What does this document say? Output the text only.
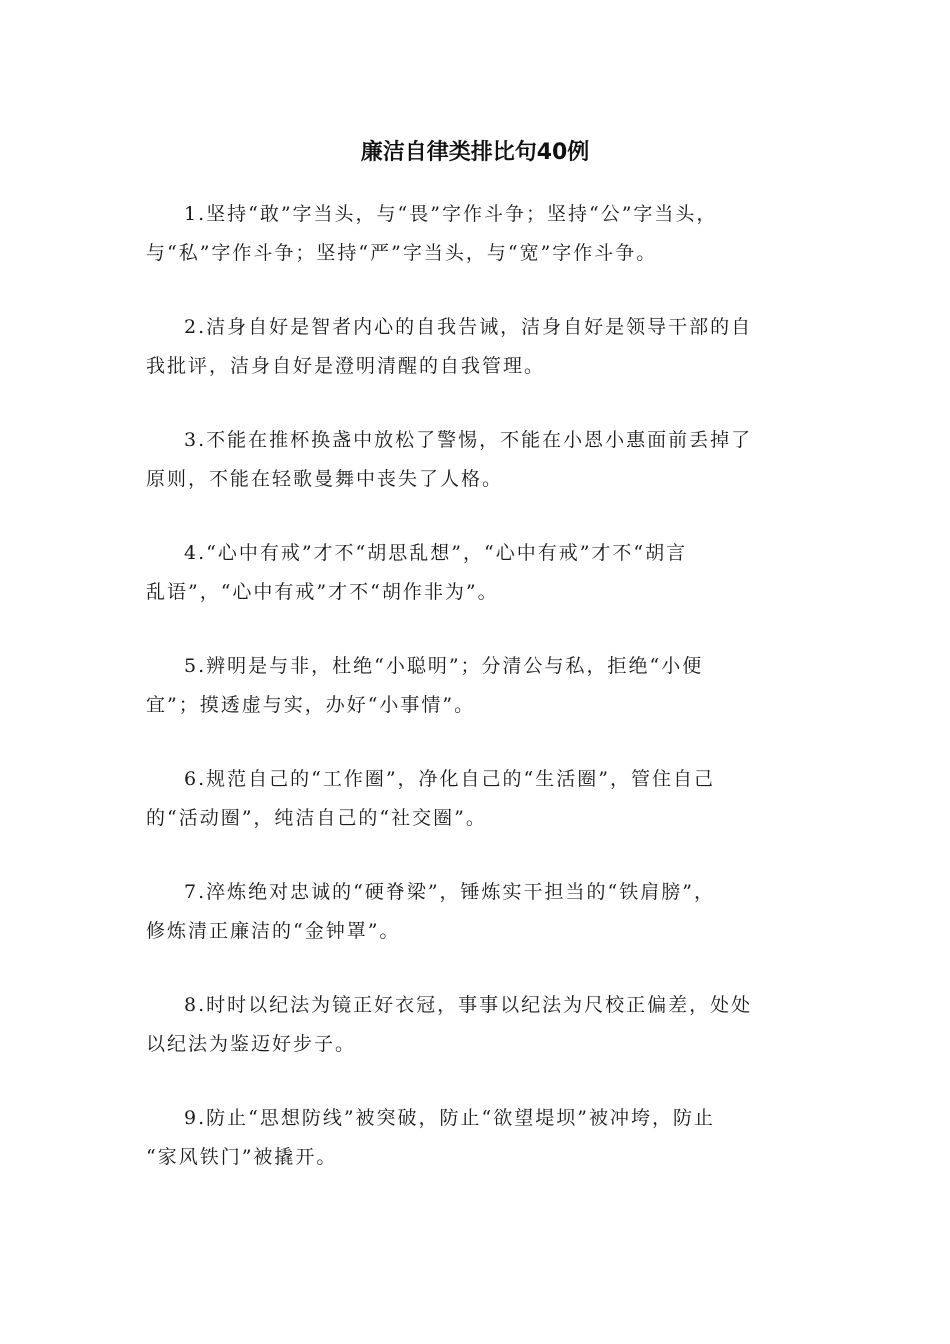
廉洁自律类排比句40例

1.坚持“敢”字当头，与“畏”字作斗争；坚持“公”字当头，
与“私”字作斗争；坚持“严”字当头，与“宽”字作斗争。

2.洁身自好是智者内心的自我告诫，洁身自好是领导干部的自
我批评，洁身自好是澄明清醒的自我管理。

3.不能在推杯换盏中放松了警惕，不能在小恩小惠面前丢掉了
原则，不能在轻歌曼舞中丧失了人格。

4.“心中有戒”才不“胡思乱想”，“心中有戒”才不“胡言
乱语”，“心中有戒”才不“胡作非为”。

5.辨明是与非，杜绝“小聪明”；分清公与私，拒绝“小便
宜”；摸透虚与实，办好“小事情”。

6.规范自己的“工作圈”，净化自己的“生活圈”，管住自己
的“活动圈”，纯洁自己的“社交圈”。

7.淬炼绝对忠诚的“硬脊梁”，锤炼实干担当的“铁肩膀”，
修炼清正廉洁的“金钟罩”。

8.时时以纪法为镜正好衣冠，事事以纪法为尺校正偏差，处处
以纪法为鉴迈好步子。

9.防止“思想防线”被突破，防止“欲望堤坝”被冲垮，防止
“家风铁门”被撬开。
